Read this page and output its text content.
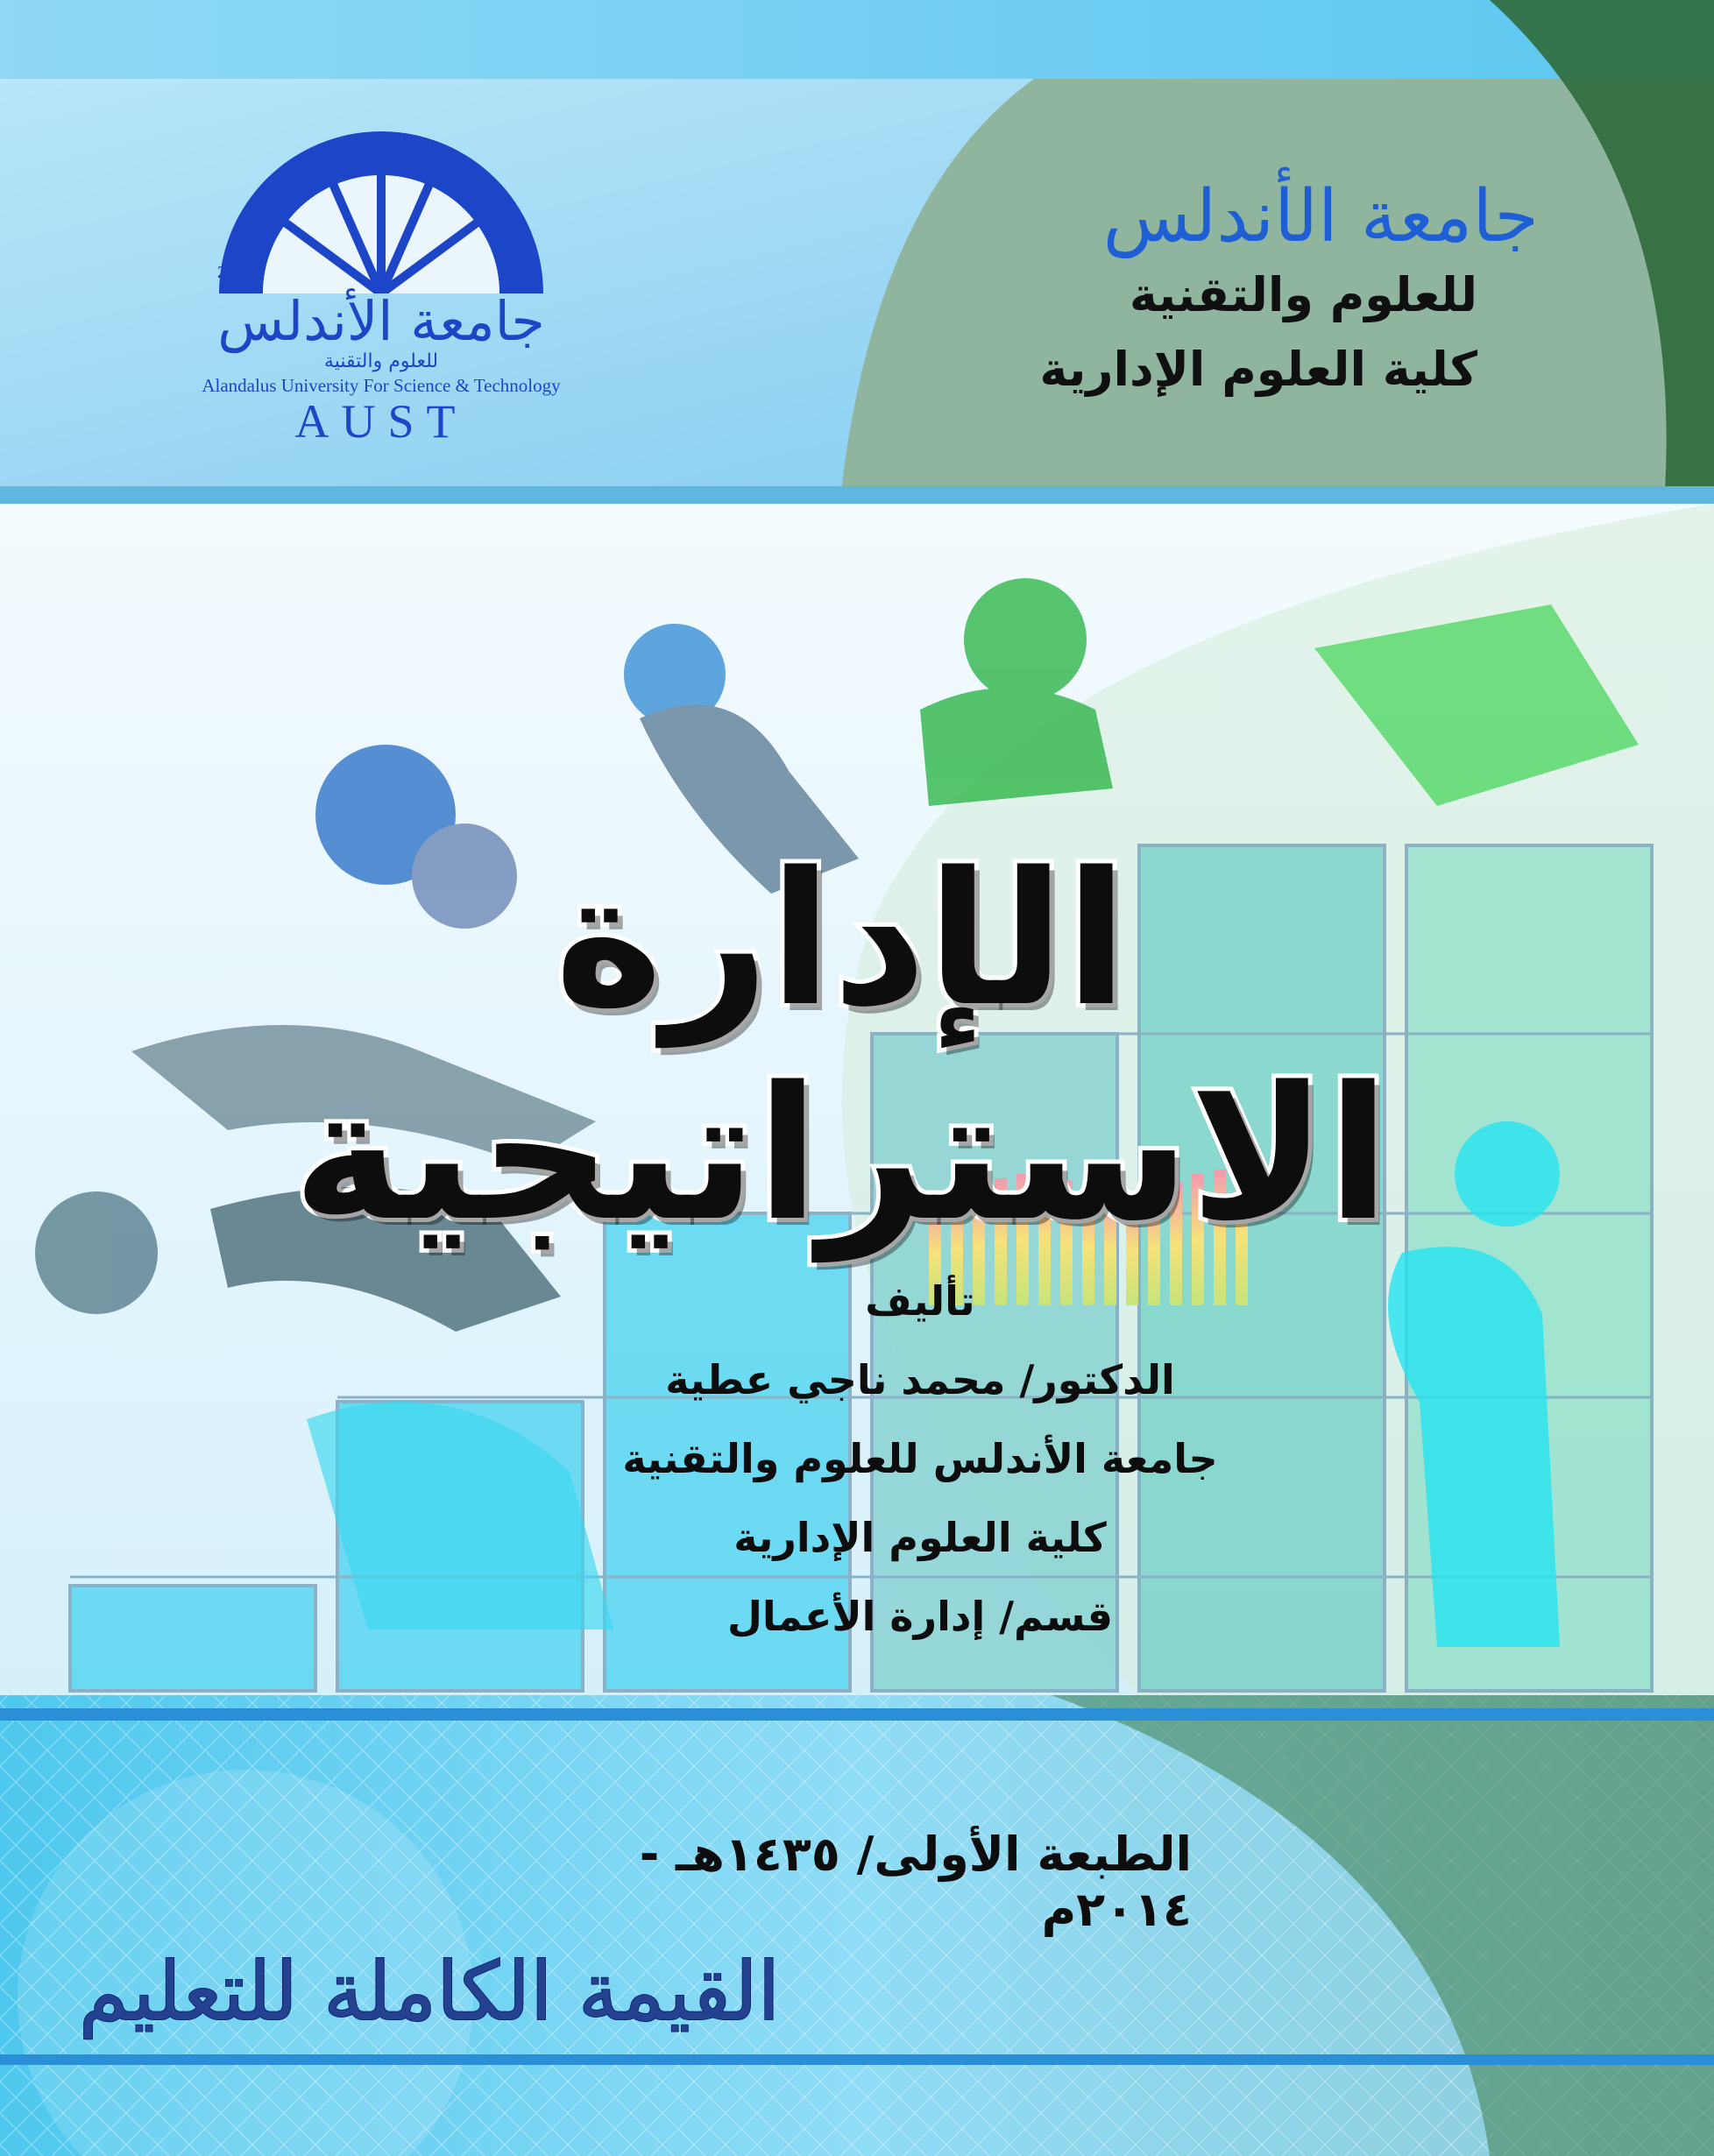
2003	١٤٢٤
جامعة الأندلس
للعلوم والتقنية
Alandalus University For Science & Technology
AUST
جامعة الأندلس
للعلوم والتقنية
كلية العلوم الإدارية
الإدارة الاستراتيجية
تأليف
الدكتور/ محمد ناجي عطية
جامعة الأندلس للعلوم والتقنية
كلية العلوم الإدارية
قسم/ إدارة الأعمال
الطبعة الأولى/ ١٤٣٥هـ - ٢٠١٤م
القيمة الكاملة للتعليم
